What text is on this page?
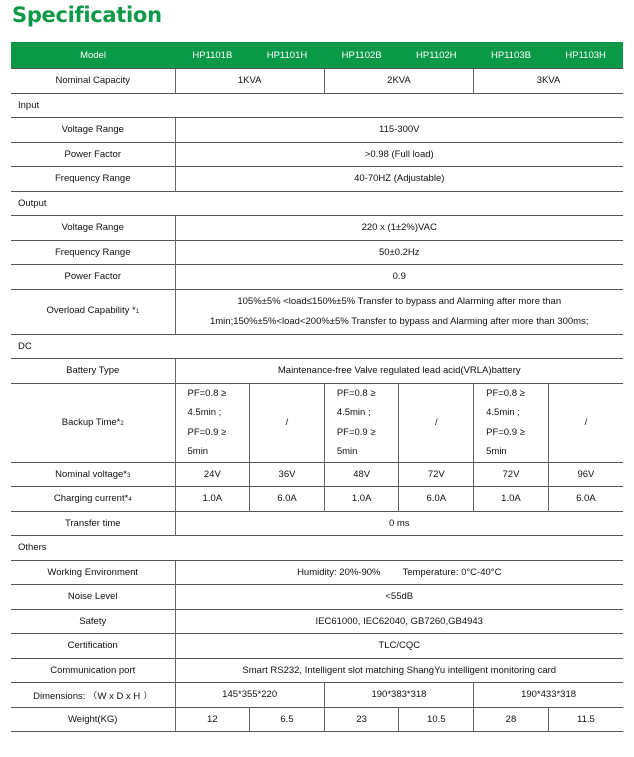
Specification
Model	HP1101B	HP1101H	HP1102B	HP1102H	HP1103B	HP1103H
Nominal Capacity	1KVA		2KVA		3KVA	
Input						
Voltage Range	115-300V					
Power Factor	>0.98 (Full load)					
Frequency Range	40-70HZ (Adjustable)					
Output						
Voltage Range	220 x (1±2%)VAC					
Frequency Range	50±0.2Hz					
Power Factor	0.9					
Overload Capability *1	105%±5% <load≤150%±5% Transfer to bypass and Alarming after more than
1min;150%±5%<load<200%±5% Transfer to bypass and Alarming after more than 300ms;					

DC						
Battery Type	Maintenance-free Valve regulated lead acid(VRLA)battery					
Backup Time*2	PF=0.8 ≥
4.5min ;
PF=0.9 ≥
5min	/	PF=0.8 ≥
4.5min ;
PF=0.9 ≥
5min	/	PF=0.8 ≥
4.5min ;
PF=0.9 ≥
5min	/
Nominal voltage*3	24V	36V	48V	72V	72V	96V
Charging current*4	1.0A	6.0A	1.0A	6.0A	1.0A	6.0A
Transfer time	0 ms					
Others						
Working Environment	Humidity: 20%-90% Temperature: 0°C-40°C					
Noise Level	<55dB					
Safety	IEC61000, IEC62040, GB7260,GB4943					
Certification	TLC/CQC					
Communication port	Smart RS232, Intelligent slot matching ShangYu intelligent monitoring card					
Dimensions: （W x D x H ）	145*355*220		190*383*318		190*433*318	
Weight(KG)	12	6.5	23	10.5	28	11.5
